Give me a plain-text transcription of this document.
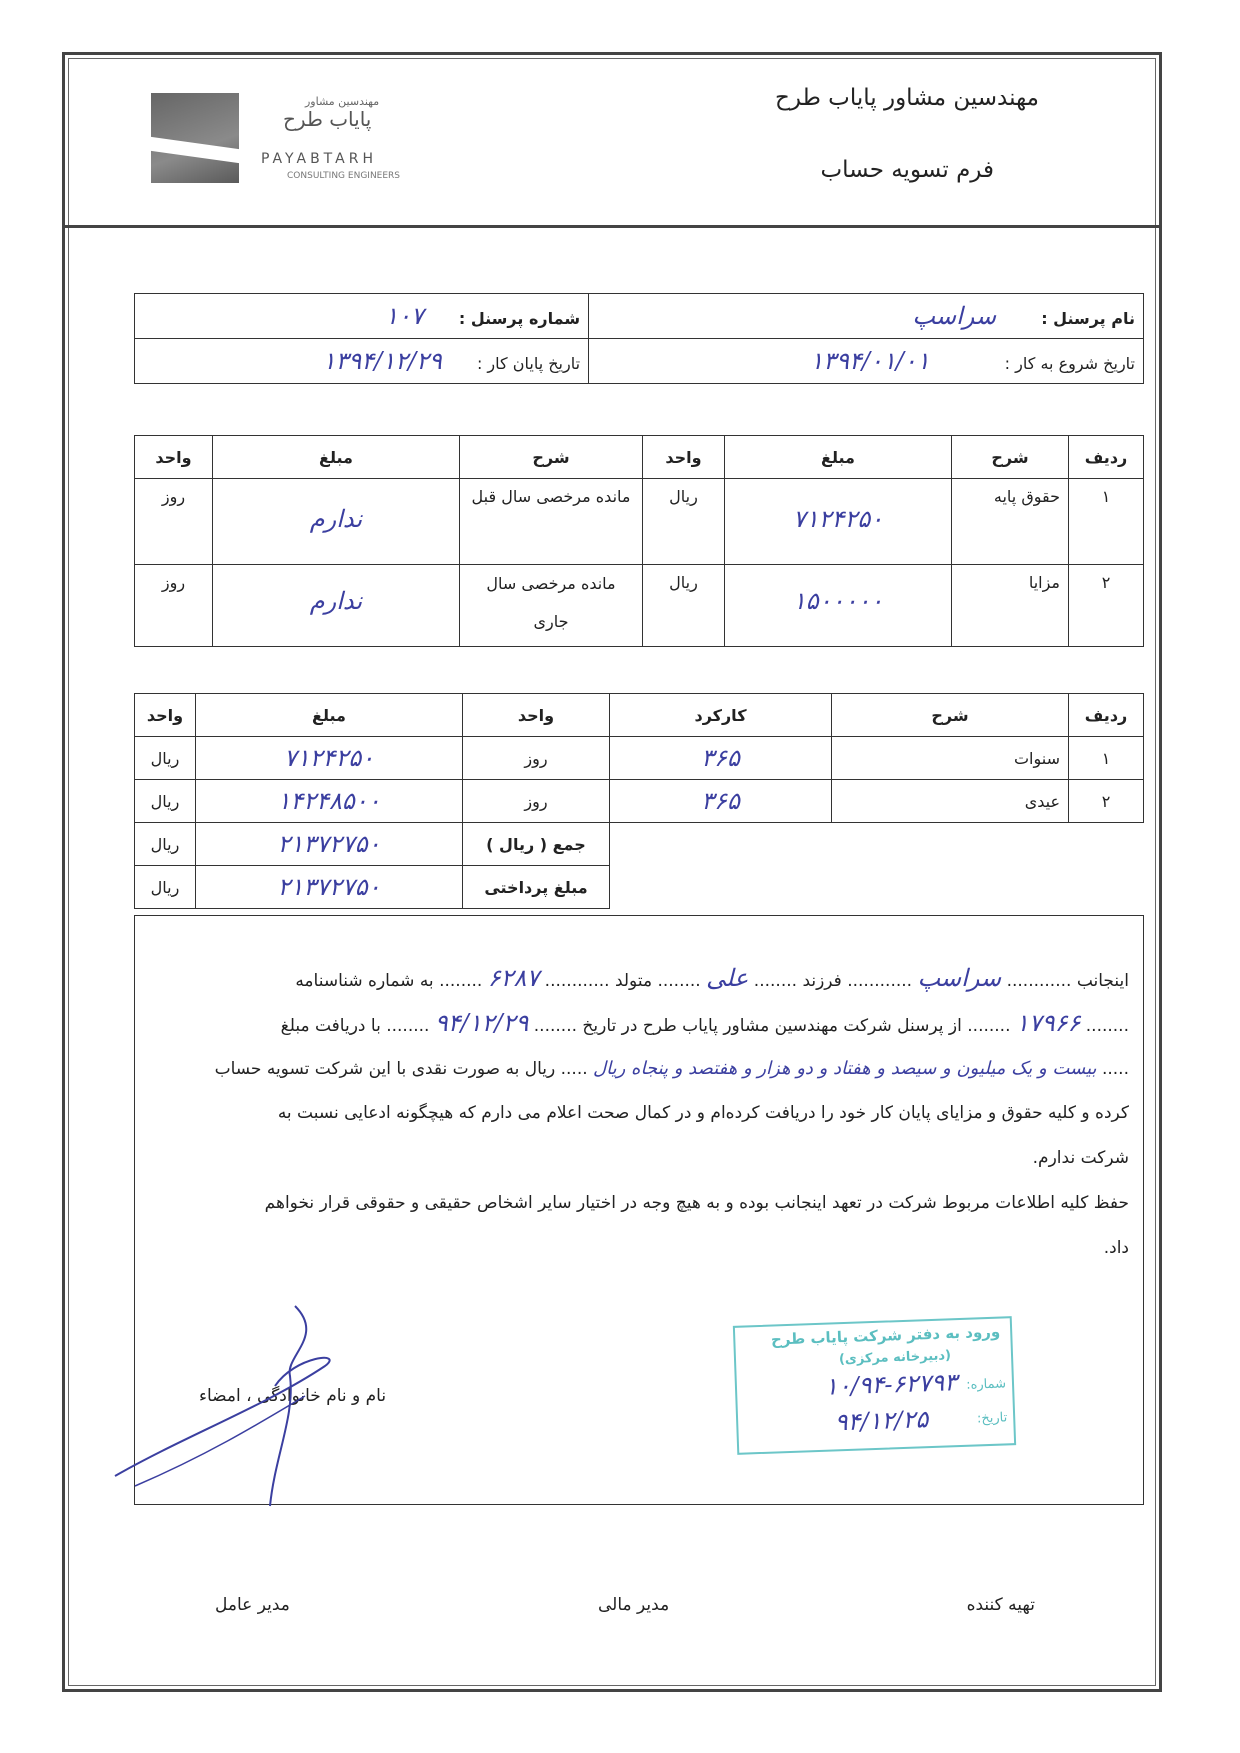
مهندسین مشاور پایاب طرح
فرم تسویه حساب
مهندسین مشاور
پایاب طرح
PAYABTARH
CONSULTING ENGINEERS
نام پرسنل : سراسپ	شماره پرسنل : ۱۰۷
تاریخ شروع به کار : ۱۳۹۴/۰۱/۰۱	تاریخ پایان کار : ۱۳۹۴/۱۲/۲۹
ردیف	شرح	مبلغ	واحد	شرح	مبلغ	واحد
۱	حقوق پایه	۷۱۲۴۲۵۰	ریال	مانده مرخصی سال قبل	ندارم	روز
۲	مزایا	۱۵۰۰۰۰۰	ریال	مانده مرخصی سال جاری	ندارم	روز
ردیف	شرح	کارکرد	واحد	مبلغ	واحد
۱	سنوات	۳۶۵	روز	۷۱۲۴۲۵۰	ریال
۲	عیدی	۳۶۵	روز	۱۴۲۴۸۵۰۰	ریال
			جمع ( ریال )	۲۱۳۷۲۷۵۰	ریال
			مبلغ پرداختی	۲۱۳۷۲۷۵۰	ریال
اینجانب ............ سراسپ ............ فرزند ........ علی ........ متولد ............ ۶۲۸۷ ........ به شماره شناسنامه
........ ۱۷۹۶۶ ........ از پرسنل شرکت مهندسین مشاور پایاب طرح در تاریخ ........ ۹۴/۱۲/۲۹ ........ با دریافت مبلغ
..... بیست و یک میلیون و سیصد و هفتاد و دو هزار و هفتصد و پنجاه ریال ..... ریال به صورت نقدی با این شرکت تسویه حساب
کرده و کلیه حقوق و مزایای پایان کار خود را دریافت کرده‌ام و در کمال صحت اعلام می دارم که هیچگونه ادعایی نسبت به
شرکت ندارم.
حفظ کلیه اطلاعات مربوط شرکت در تعهد اینجانب بوده و به هیچ وجه در اختیار سایر اشخاص حقیقی و حقوقی قرار نخواهم
داد.
ورود به دفتر شرکت پایاب طرح
(دبیرخانه مرکزی)
شماره:
۱۰/۹۴-۶۲۷۹۳
تاریخ:
۹۴/۱۲/۲۵
نام و نام خانوادگی ، امضاء
تهیه کننده
مدیر مالی
مدیر عامل
